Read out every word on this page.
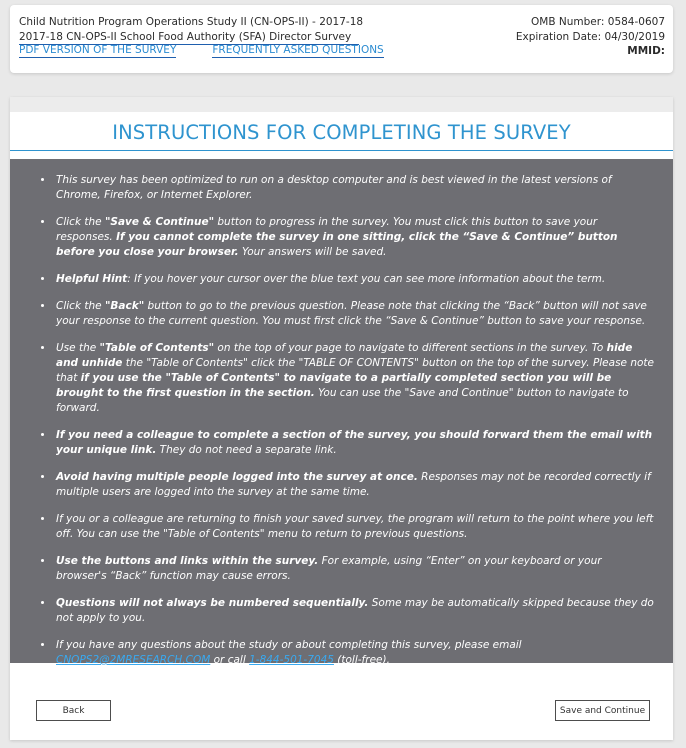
Child Nutrition Program Operations Study II (CN-OPS-II) - 2017-18
2017-18 CN-OPS-II School Food Authority (SFA) Director Survey
PDF VERSION OF THE SURVEY	FREQUENTLY ASKED QUESTIONS
OMB Number: 0584-0607
Expiration Date: 04/30/2019
MMID:
INSTRUCTIONS FOR COMPLETING THE SURVEY
• This survey has been optimized to run on a desktop computer and is best viewed in the latest versions of Chrome, Firefox, or Internet Explorer.
• Click the "Save & Continue" button to progress in the survey. You must click this button to save your responses. If you cannot complete the survey in one sitting, click the “Save & Continue” button before you close your browser. Your answers will be saved.
• Helpful Hint: If you hover your cursor over the blue text you can see more information about the term.
• Click the "Back" button to go to the previous question. Please note that clicking the “Back” button will not save your response to the current question. You must first click the “Save & Continue” button to save your response.
• Use the "Table of Contents" on the top of your page to navigate to different sections in the survey. To hide and unhide the "Table of Contents" click the "TABLE OF CONTENTS" button on the top of the survey. Please note that if you use the "Table of Contents" to navigate to a partially completed section you will be brought to the first question in the section. You can use the "Save and Continue" button to navigate to forward.
• If you need a colleague to complete a section of the survey, you should forward them the email with your unique link. They do not need a separate link.
• Avoid having multiple people logged into the survey at once. Responses may not be recorded correctly if multiple users are logged into the survey at the same time.
• If you or a colleague are returning to finish your saved survey, the program will return to the point where you left off. You can use the "Table of Contents" menu to return to previous questions.
• Use the buttons and links within the survey. For example, using “Enter” on your keyboard or your browser's “Back” function may cause errors.
• Questions will not always be numbered sequentially. Some may be automatically skipped because they do not apply to you.
• If you have any questions about the study or about completing this survey, please email
CNOPS2@2MRESEARCH.COM or call 1-844-501-7045 (toll-free).
Back	Save and Continue
